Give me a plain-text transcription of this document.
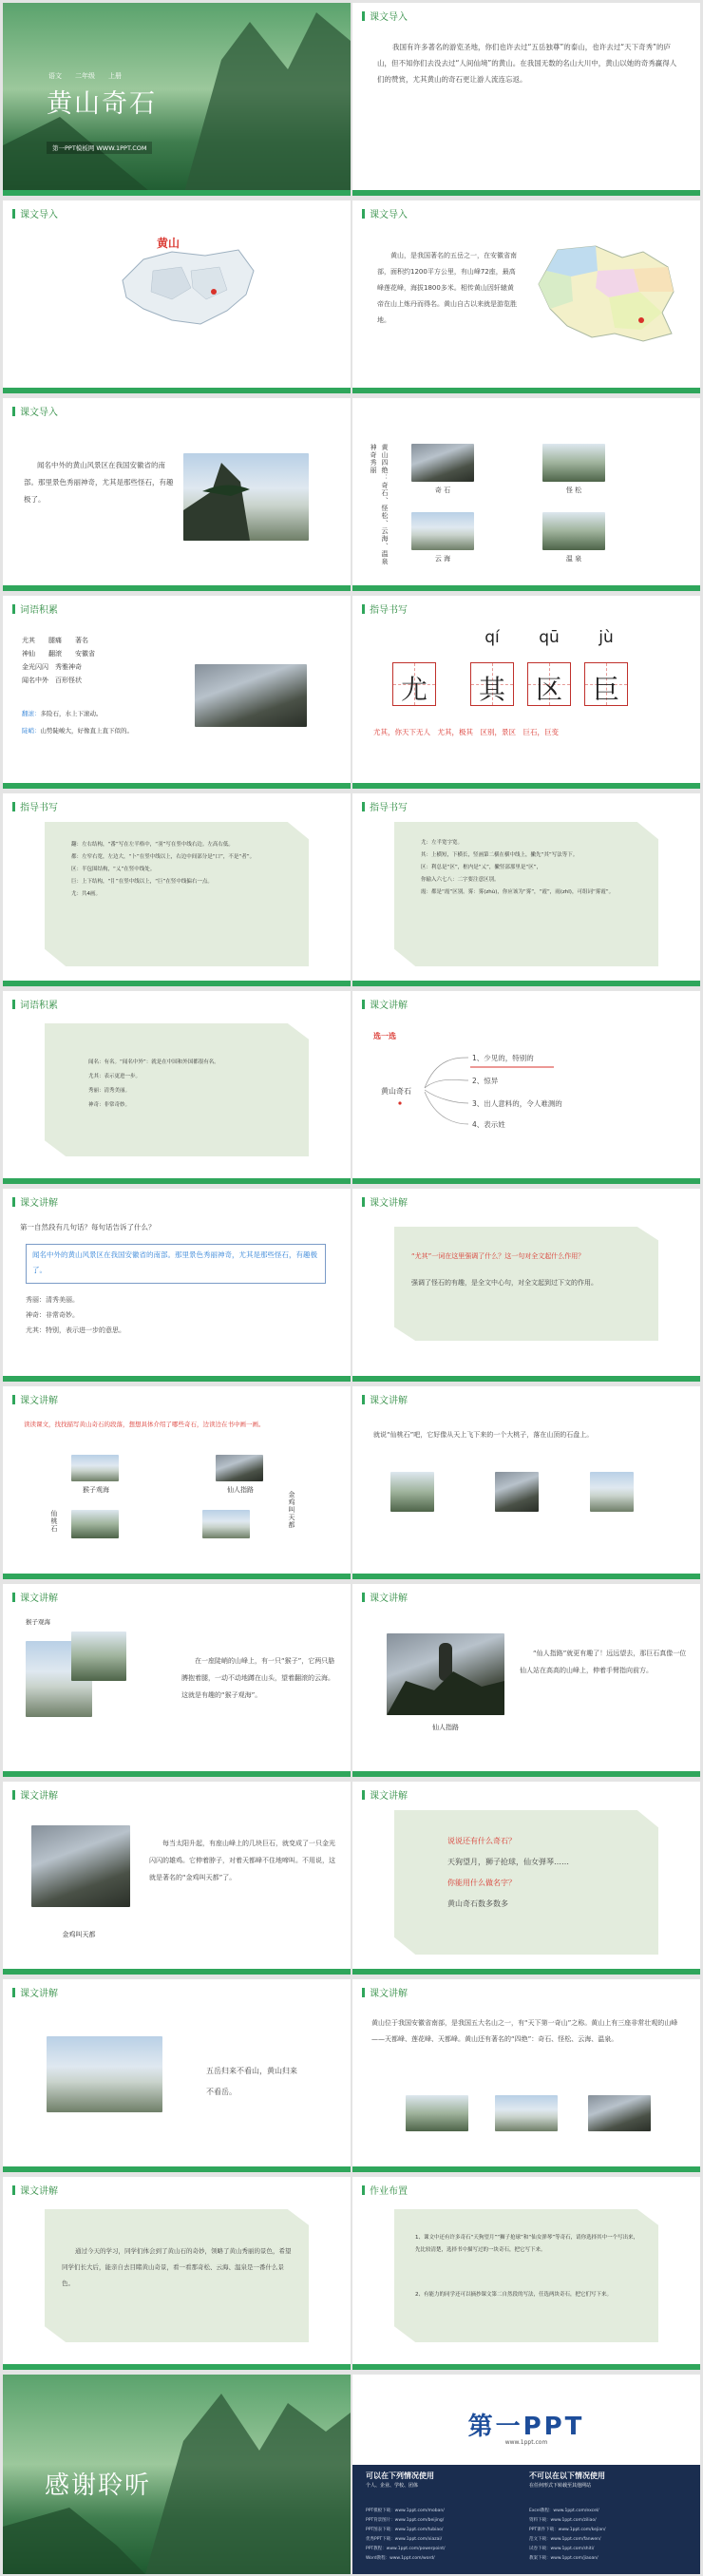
语文　　二年级　　上册
黄山奇石
第一PPT模板网 WWW.1PPT.COM
课文导入
我国有许多著名的游览圣地，你们也许去过“五岳独尊”的泰山，也许去过“天下奇秀”的庐山，但不知你们去没去过“人间仙境”的黄山。在我国无数的名山大川中，黄山以她的奇秀赢得人们的赞赏，尤其黄山的奇石更让游人流连忘返。
课文导入
黄山
课文导入
黄山，是我国著名的五岳之一，在安徽省南部，面积约1200平方公里，有山峰72座，最高峰莲花峰，海拔1800多米。相传黄山因轩辕黄帝在山上炼丹而得名。黄山自古以来就是游览胜地。
课文导入
闻名中外的黄山风景区在我国安徽省的南部。那里景色秀丽神奇，尤其是那些怪石，有趣极了。
神奇秀丽 黄山四绝：奇石、怪松、云海、温泉	奇 石	怪 松
云 海	温 泉
词语积累
尤其　　腿痛　　著名
神仙　　翻滚　　安徽省
金光闪闪　秀雅神奇
闻名中外　百形怪状
翻滚：多险石，水上下滚动。
陡峭：山势陡峻大，好像直上直下似的。
指导书写
qí	qū	jù
尤 其 区 巨
尤其，你天下无人　尤其，极其　区别，景区　巨石，巨变
指导书写
翻：左右结构，“番”写在左半格中，“羽”写在竖中线右边。左高右低。
都：左窄右宽，左边大，“卜”在竖中线以上，右边中间部分是“口”，不是“者”。
区：半包围结构，“乂”在竖中线处。
巨：上下结构，“⺝”在竖中线以上，“巨”在竖中线偏右一点。
尤：共4画。
指导书写
尤：左半宽字宽。
其：上横短，下横长，竖画第二横在横中线上，撇先“其”写法等下。
区：利总是“区”，框内是“乂”，撇竖部那里是“区”，
你输入六七八：二字要注意区别。
霞：都是“霞”区别。雾：雾(zhù)，你应该为“雾”，“霞”，雨(zhī)，可组词“雾霞”。
词语积累
闻名：有名。“闻名中外”：就是在中国和外国都很有名。
尤其：表示更进一步。
秀丽：清秀美丽。
神奇：非常奇妙。
课文讲解
选一选
黄山奇石
1、少见的，特别的
2、惊异
3、出人意料的，令人难测的
4、表示姓
课文讲解
第一自然段有几句话？每句话告诉了什么？
闻名中外的黄山风景区在我国安徽省的南部。那里景色秀丽神奇，尤其是那些怪石，有趣极了。
秀丽：清秀美丽。
神奇：非常奇妙。
尤其：特别，表示进一步的意思。
课文讲解
“尤其”一词在这里强调了什么？这一句对全文起什么作用？
强调了怪石的有趣，是全文中心句，对全文起到过下文的作用。
课文讲解
读读课文，找找描写黄山奇石的段落，想想具体介绍了哪些奇石，边读边在书中画一画。
猴子观海	仙人指路
仙桃石	金鸡叫天都
课文讲解
就说“仙桃石”吧，它好像从天上飞下来的一个大桃子，落在山顶的石盘上。
课文讲解
猴子观海
在一座陡峭的山峰上，有一只“猴子”，它两只胳膊抱着腿，一动不动地蹲在山头，望着翻滚的云海。这就是有趣的“猴子观海”。
课文讲解
仙人指路
“仙人指路”就更有趣了！远远望去，那巨石真像一位仙人站在高高的山峰上，伸着手臂指向前方。
课文讲解
金鸡叫天都
每当太阳升起，有座山峰上的几块巨石，就变成了一只金光闪闪的雄鸡。它伸着脖子，对着天都峰不住地啼叫。不用说，这就是著名的“金鸡叫天都”了。
课文讲解
说说还有什么奇石？
天狗望月，狮子抢球，仙女弹琴……
你能用什么做名字？
黄山奇石数多数多
课文讲解
五岳归来不看山，黄山归来不看岳。
课文讲解
黄山位于我国安徽省南部，是我国五大名山之一，有“天下第一奇山”之称。黄山上有三座非常壮观的山峰——天都峰、莲花峰、天都峰。黄山还有著名的“四绝”：奇石、怪松、云海、温泉。
课文讲解
通过今天的学习，同学们体会到了黄山石的奇妙，领略了黄山秀丽的景色，希望同学们长大后，能亲自去目睹黄山奇景，看一看那奇松、云海、温泉是一番什么景色。
作业布置
1、课文中还有许多奇石“天狗望月”“狮子抢球”和“仙女弹琴”等奇石，请你选择其中一个写出来，先比较清楚，选择书中描写过的一块奇石，把它写下来。
2、有能力的同学还可以摘抄课文第二自然段的写法，任选两块奇石，把它们写下来。
感谢聆听
第一PPT
www.1ppt.com
可以在下列情况使用
个人、企业、学校、团体
不可以在以下情况使用
在任何形式下转载至其他网站
PPT模板下载：www.1ppt.com/moban/
PPT背景图片：www.1ppt.com/beijing/
PPT图表下载：www.1ppt.com/tubiao/
优秀PPT下载：www.1ppt.com/xiazai/
PPT教程：www.1ppt.com/powerpoint/
Word教程：www.1ppt.com/word/
Excel教程：www.1ppt.com/excel/
资料下载：www.1ppt.com/ziliao/
PPT课件下载：www.1ppt.com/kejian/
范文下载：www.1ppt.com/fanwen/
试卷下载：www.1ppt.com/shiti/
教案下载：www.1ppt.com/jiaoan/
